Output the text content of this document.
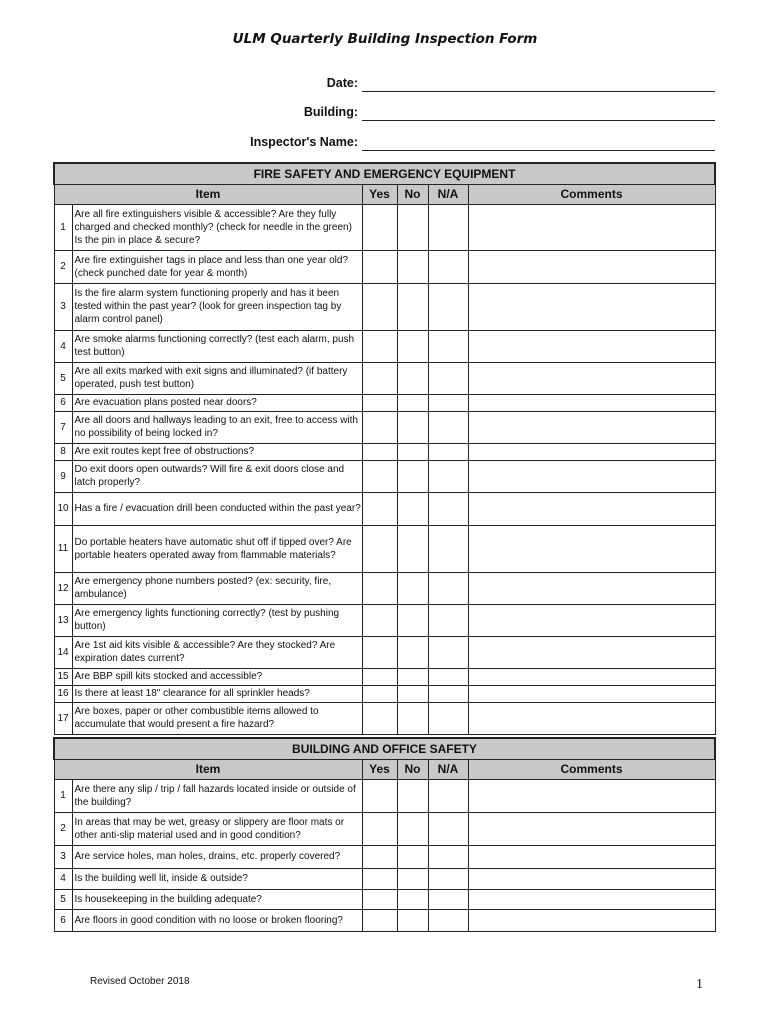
ULM Quarterly Building Inspection Form
Date:
Building:
Inspector's Name:
FIRE SAFETY AND EMERGENCY EQUIPMENT					
Item		Yes	No	N/A	Comments
1	Are all fire extinguishers visible & accessible? Are they fully charged and checked monthly? (check for needle in the green) Is the pin in place & secure?				
2	Are fire extinguisher tags in place and less than one year old? (check punched date for year & month)				
3	Is the fire alarm system functioning properly and has it been tested within the past year? (look for green inspection tag by alarm control panel)				
4	Are smoke alarms functioning correctly? (test each alarm, push test button)				
5	Are all exits marked with exit signs and illuminated? (if battery operated, push test button)				
6	Are evacuation plans posted near doors?				
7	Are all doors and hallways leading to an exit, free to access with no possibility of being locked in?				
8	Are exit routes kept free of obstructions?				
9	Do exit doors open outwards? Will fire & exit doors close and latch properly?				
10	Has a fire / evacuation drill been conducted within the past year?				
11	Do portable heaters have automatic shut off if tipped over? Are portable heaters operated away from flammable materials?				
12	Are emergency phone numbers posted? (ex: security, fire, ambulance)				
13	Are emergency lights functioning correctly? (test by pushing button)				
14	Are 1st aid kits visible & accessible? Are they stocked? Are expiration dates current?				
15	Are BBP spill kits stocked and accessible?				
16	Is there at least 18" clearance for all sprinkler heads?				
17	Are boxes, paper or other combustible items allowed to accumulate that would present a fire hazard?				
BUILDING AND OFFICE SAFETY					
Item		Yes	No	N/A	Comments
1	Are there any slip / trip / fall hazards located inside or outside of the building?				
2	In areas that may be wet, greasy or slippery are floor mats or other anti-slip material used and in good condition?				
3	Are service holes, man holes, drains, etc. properly covered?				
4	Is the building well lit, inside & outside?				
5	Is housekeeping in the building adequate?				
6	Are floors in good condition with no loose or broken flooring?				
Revised October 2018	1
